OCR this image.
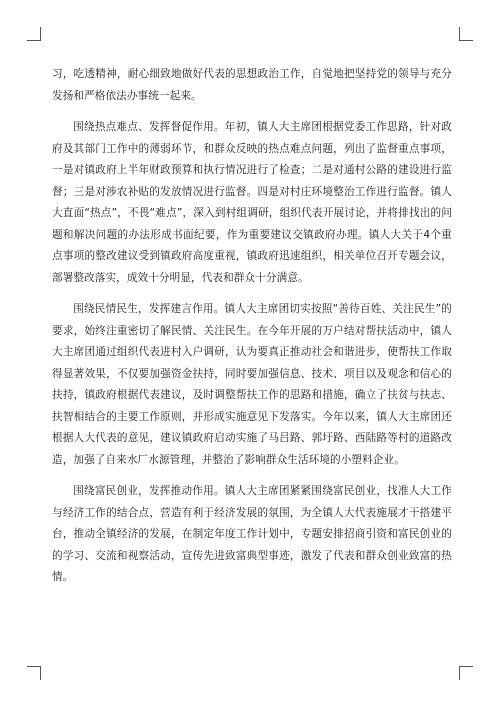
习，吃透精神，耐心细致地做好代表的思想政治工作，自觉地把坚持党的领导与充分发扬和严格依法办事统一起来。

围绕热点难点、发挥督促作用。年初，镇人大主席团根据党委工作思路，针对政府及其部门工作中的薄弱环节，和群众反映的热点难点问题，列出了监督重点事项，一是对镇政府上半年财政预算和执行情况进行了检查；二是对通村公路的建设进行监督；三是对涉农补贴的发放情况进行监督。四是对村庄环境整治工作进行监督。镇人大直面“热点”，不畏“难点”，深入到村组调研，组织代表开展讨论，并将排找出的问题和解决问题的办法形成书面纪要，作为重要建议交镇政府办理。镇人大关于4个重点事项的整改建议受到镇政府高度重视，镇政府迅速组织，相关单位召开专题会议，部署整改落实，成效十分明显，代表和群众十分满意。

围绕民情民生，发挥建言作用。镇人大主席团切实按照“善待百姓、关注民生”的要求，始终注重密切了解民情、关注民生。在今年开展的万户结对帮扶活动中，镇人大主席团通过组织代表进村入户调研，认为要真正推动社会和谐进步，使帮扶工作取得显著效果，不仅要加强资金扶持，同时要加强信息、技术、项目以及观念和信心的扶持，镇政府根据代表建议，及时调整帮扶工作的思路和措施，确立了扶贫与扶志、扶智相结合的主要工作原则，并形成实施意见下发落实。今年以来，镇人大主席团还根据人大代表的意见，建议镇政府启动实施了马吕路、郭圩路、西陆路等村的道路改造，加强了自来水厂水源管理，并整治了影响群众生活环境的小塑料企业。

围绕富民创业，发挥推动作用。镇人大主席团紧紧围绕富民创业，找准人大工作与经济工作的结合点，营造有利于经济发展的氛围，为全镇人大代表施展才干搭建平台，推动全镇经济的发展，在制定年度工作计划中，专题安排招商引资和富民创业的的学习、交流和视察活动，宣传先进致富典型事迹，激发了代表和群众创业致富的热情。
